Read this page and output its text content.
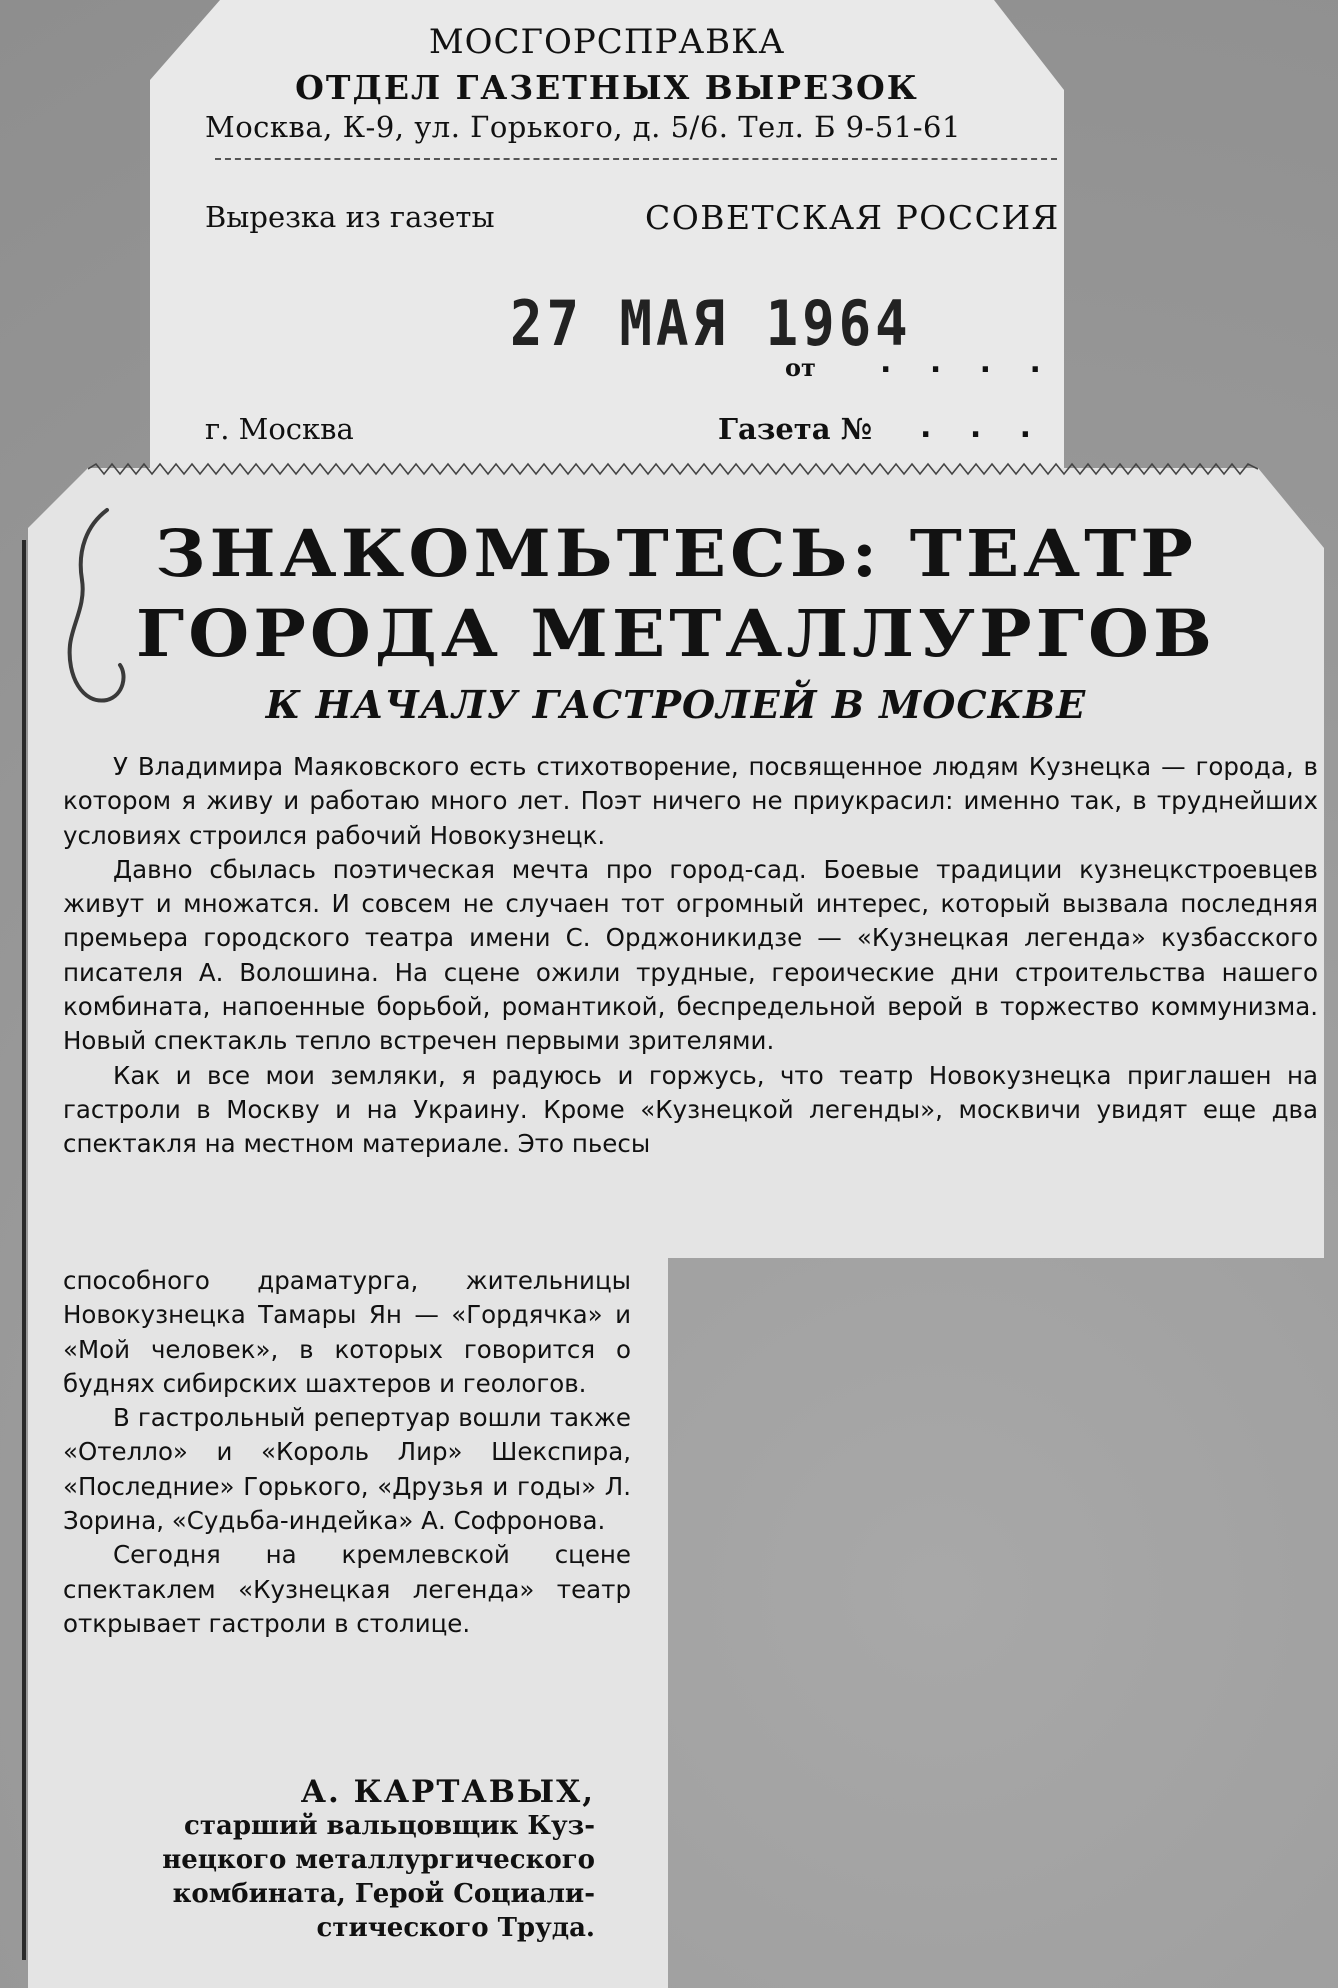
МОСГОРСПРАВКА
ОТДЕЛ ГАЗЕТНЫХ ВЫРЕЗОК
Москва, К-9, ул. Горького, д. 5/6. Тел. Б 9-51-61
Вырезка из газеты	СОВЕТСКАЯ РОССИЯ
27 МАЯ 1964
от . . . .
г. Москва	Газета № . . .
ЗНАКОМЬТЕСЬ: ТЕАТР
ГОРОДА МЕТАЛЛУРГОВ
К НАЧАЛУ ГАСТРОЛЕЙ В МОСКВЕ

У Владимира Маяковского есть стихотворение, посвященное людям Кузнецка — города, в котором я живу и работаю много лет. Поэт ничего не приукрасил: именно так, в труднейших условиях строился рабочий Новокузнецк.

Давно сбылась поэтическая мечта про город-сад. Боевые традиции кузнецкстроевцев живут и множатся. И совсем не случаен тот огромный интерес, который вызвала последняя премьера городского театра имени С. Орджоникидзе — «Кузнецкая легенда» кузбасского писателя А. Волошина. На сцене ожили трудные, героические дни строительства нашего комбината, напоенные борьбой, романтикой, беспредельной верой в торжество коммунизма. Новый спектакль тепло встречен первыми зрителями.

Как и все мои земляки, я радуюсь и горжусь, что театр Новокузнецка приглашен на гастроли в Москву и на Украину. Кроме «Кузнецкой легенды», москвичи увидят еще два спектакля на местном материале. Это пьесы

способного драматурга, жительницы Новокузнецка Тамары Ян — «Гордячка» и «Мой человек», в которых говорится о буднях сибирских шахтеров и геологов.

В гастрольный репертуар вошли также «Отелло» и «Король Лир» Шекспира, «Последние» Горького, «Друзья и годы» Л. Зорина, «Судьба-индейка» А. Софронова.

Сегодня на кремлевской сцене спектаклем «Кузнецкая легенда» театр открывает гастроли в столице.

А. КАРТАВЫХ,
старший вальцовщик Куз-
нецкого металлургического
комбината, Герой Социали-
стического Труда.
